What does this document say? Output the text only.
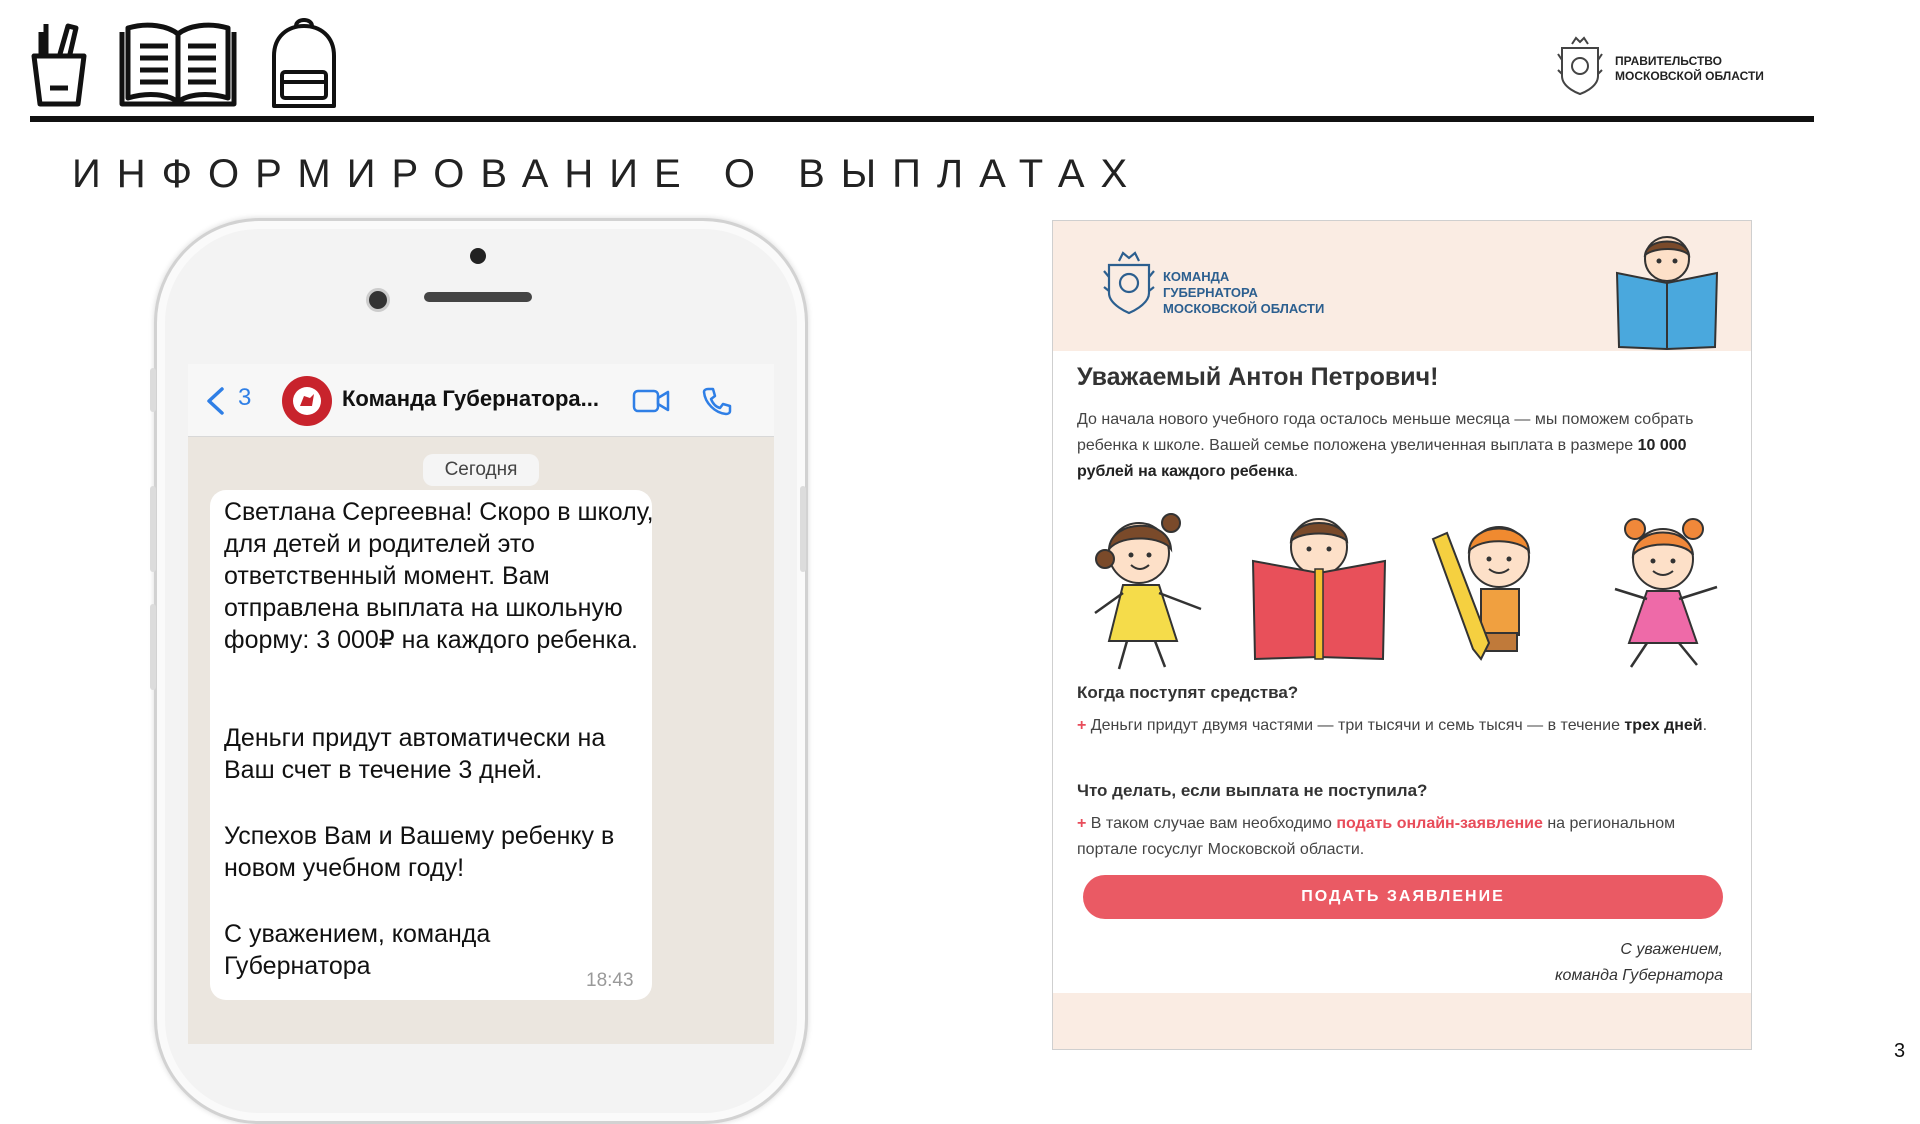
ПРАВИТЕЛЬСТВО
МОСКОВСКОЙ ОБЛАСТИ
ИНФОРМИРОВАНИЕ О ВЫПЛАТАХ
3	Команда Губернатора...
Сегодня
Светлана Сергеевна! Скоро в школу, для детей и родителей это ответственный момент. Вам отправлена выплата на школьную форму: 3 000₽ на каждого ребенка.
Деньги придут автоматически на Ваш счет в течение 3 дней.
Успехов Вам и Вашему ребенку в новом учебном году!
С уважением, команда Губернатора
18:43
КОМАНДА
ГУБЕРНАТОРА
МОСКОВСКОЙ ОБЛАСТИ
Уважаемый Антон Петрович!
До начала нового учебного года осталось меньше месяца — мы поможем собрать ребенка к школе. Вашей семье положена увеличенная выплата в размере 10 000 рублей на каждого ребенка.
Когда поступят средства?
+ Деньги придут двумя частями — три тысячи и семь тысяч — в течение трех дней.
Что делать, если выплата не поступила?
+ В таком случае вам необходимо подать онлайн-заявление на региональном портале госуслуг Московской области.
ПОДАТЬ ЗАЯВЛЕНИЕ
С уважением,
команда Губернатора
3
